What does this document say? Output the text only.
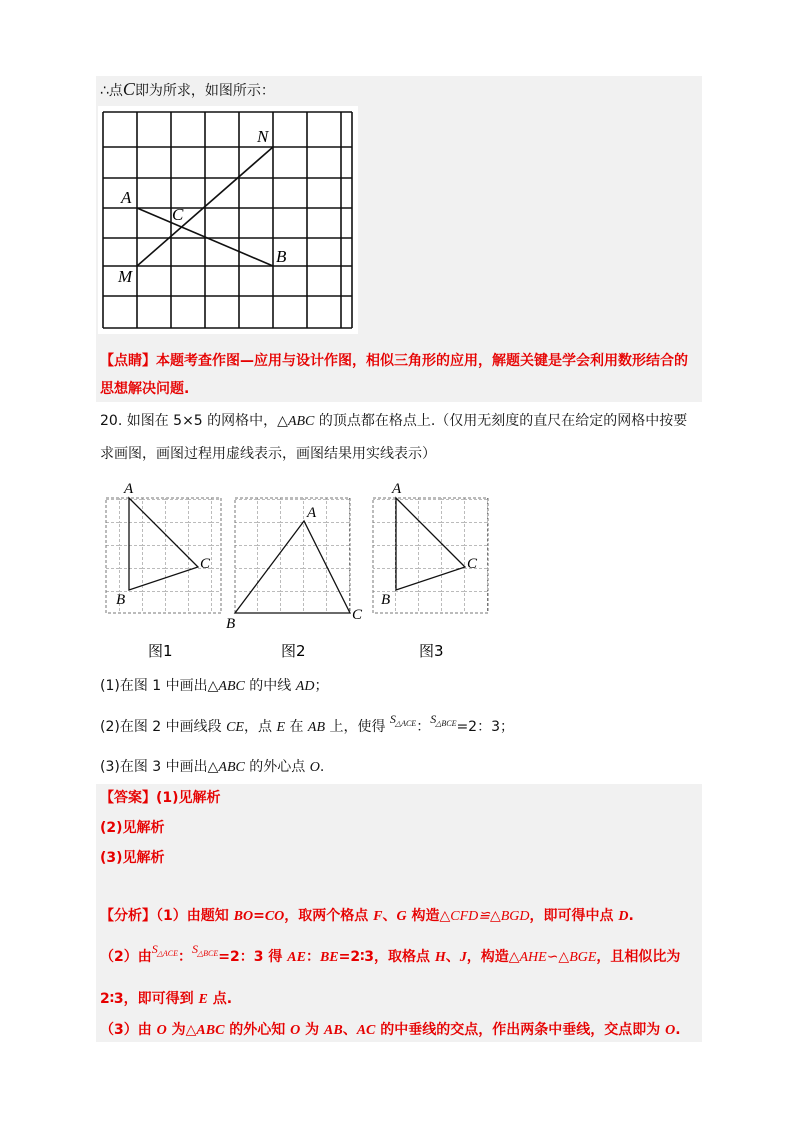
∴点C即为所求，如图所示：
N
A
C
B
M
【点睛】本题考查作图—应用与设计作图，相似三角形的应用，解题关键是学会利用数形结合的
思想解决问题.
20. 如图在 5×5 的网格中，△ABC 的顶点都在格点上.（仅用无刻度的直尺在给定的网格中按要
求画图，画图过程用虚线表示，画图结果用实线表示）
A
C
B
图1
A
B
C
图2
A
C
B
图3
(1)在图 1 中画出△ABC 的中线 AD；
(2)在图 2 中画线段 CE，点 E 在 AB 上，使得 $S_{\triangle ACE}$：$S_{\triangle BCE}=2$：3；
(3)在图 3 中画出△ABC 的外心点 O.
【答案】(1)见解析
(2)见解析
(3)见解析
【分析】（1）由题知 BO=CO，取两个格点 F、G 构造△CFD≌△BGD，即可得中点 D.
（2）由$S_{\triangle ACE}$：$S_{\triangle BCE}=2$：3 得 AE：BE=2∶3，取格点 H、J，构造△AHE∽△BGE，且相似比为
2∶3，即可得到 E 点.
（3）由 O 为△ABC 的外心知 O 为 AB、AC 的中垂线的交点，作出两条中垂线，交点即为 O.
